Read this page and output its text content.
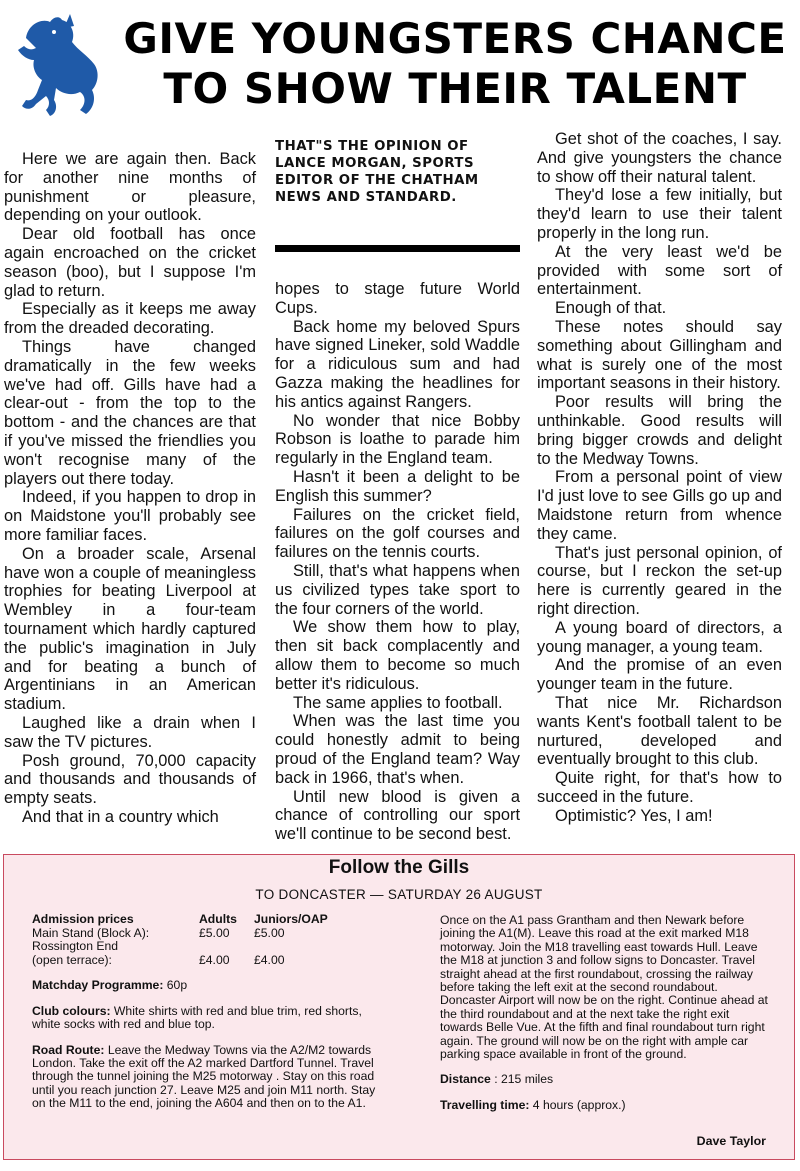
GIVE YOUNGSTERS CHANCE
TO SHOW THEIR TALENT

Here we are again then. Back for another nine months of punishment or pleasure, depending on your outlook.

Dear old football has once again encroached on the cricket season (boo), but I suppose I'm glad to return.

Especially as it keeps me away from the dreaded decorating.

Things have changed dramatically in the few weeks we've had off. Gills have had a clear-out - from the top to the bottom - and the chances are that if you've missed the friendlies you won't recognise many of the players out there today.

Indeed, if you happen to drop in on Maidstone you'll probably see more familiar faces.

On a broader scale, Arsenal have won a couple of meaningless trophies for beating Liverpool at Wembley in a four-team tournament which hardly captured the public's imagination in July and for beating a bunch of Argentinians in an American stadium.

Laughed like a drain when I saw the TV pictures.

Posh ground, 70,000 capacity and thousands and thousands of empty seats.

And that in a country which

THAT"S THE OPINION OF LANCE MORGAN, SPORTS EDITOR OF THE CHATHAM NEWS AND STANDARD.

hopes to stage future World Cups.

Back home my beloved Spurs have signed Lineker, sold Waddle for a ridiculous sum and had Gazza making the headlines for his antics against Rangers.

No wonder that nice Bobby Robson is loathe to parade him regularly in the England team.

Hasn't it been a delight to be English this summer?

Failures on the cricket field, failures on the golf courses and failures on the tennis courts.

Still, that's what happens when us civilized types take sport to the four corners of the world.

We show them how to play, then sit back complacently and allow them to become so much better it's ridiculous.

The same applies to football.

When was the last time you could honestly admit to being proud of the England team? Way back in 1966, that's when.

Until new blood is given a chance of controlling our sport we'll continue to be second best.

Get shot of the coaches, I say. And give youngsters the chance to show off their natural talent.

They'd lose a few initially, but they'd learn to use their talent properly in the long run.

At the very least we'd be provided with some sort of entertainment.

Enough of that.

These notes should say something about Gillingham and what is surely one of the most important seasons in their history.

Poor results will bring the unthinkable. Good results will bring bigger crowds and delight to the Medway Towns.

From a personal point of view I'd just love to see Gills go up and Maidstone return from whence they came.

That's just personal opinion, of course, but I reckon the set-up here is currently geared in the right direction.

A young board of directors, a young manager, a young team.

And the promise of an even younger team in the future.

That nice Mr. Richardson wants Kent's football talent to be nurtured, developed and eventually brought to this club.

Quite right, for that's how to succeed in the future.

Optimistic? Yes, I am!

Follow the Gills

TO DONCASTER — SATURDAY 26 AUGUST

Admission prices	Adults	Juniors/OAP
Main Stand (Block A):	£5.00	£5.00
Rossington End		
(open terrace):	£4.00	£4.00

Matchday Programme: 60p

Club colours: White shirts with red and blue trim, red shorts, white socks with red and blue top.

Road Route: Leave the Medway Towns via the A2/M2 towards London. Take the exit off the A2 marked Dartford Tunnel. Travel through the tunnel joining the M25 motorway . Stay on this road until you reach junction 27. Leave M25 and join M11 north. Stay on the M11 to the end, joining the A604 and then on to the A1.

Once on the A1 pass Grantham and then Newark before joining the A1(M). Leave this road at the exit marked M18 motorway. Join the M18 travelling east towards Hull. Leave the M18 at junction 3 and follow signs to Doncaster. Travel straight ahead at the first roundabout, crossing the railway before taking the left exit at the second roundabout. Doncaster Airport will now be on the right. Continue ahead at the third roundabout and at the next take the right exit towards Belle Vue. At the fifth and final roundabout turn right again. The ground will now be on the right with ample car parking space available in front of the ground.

Distance : 215 miles

Travelling time: 4 hours (approx.)

Dave Taylor
